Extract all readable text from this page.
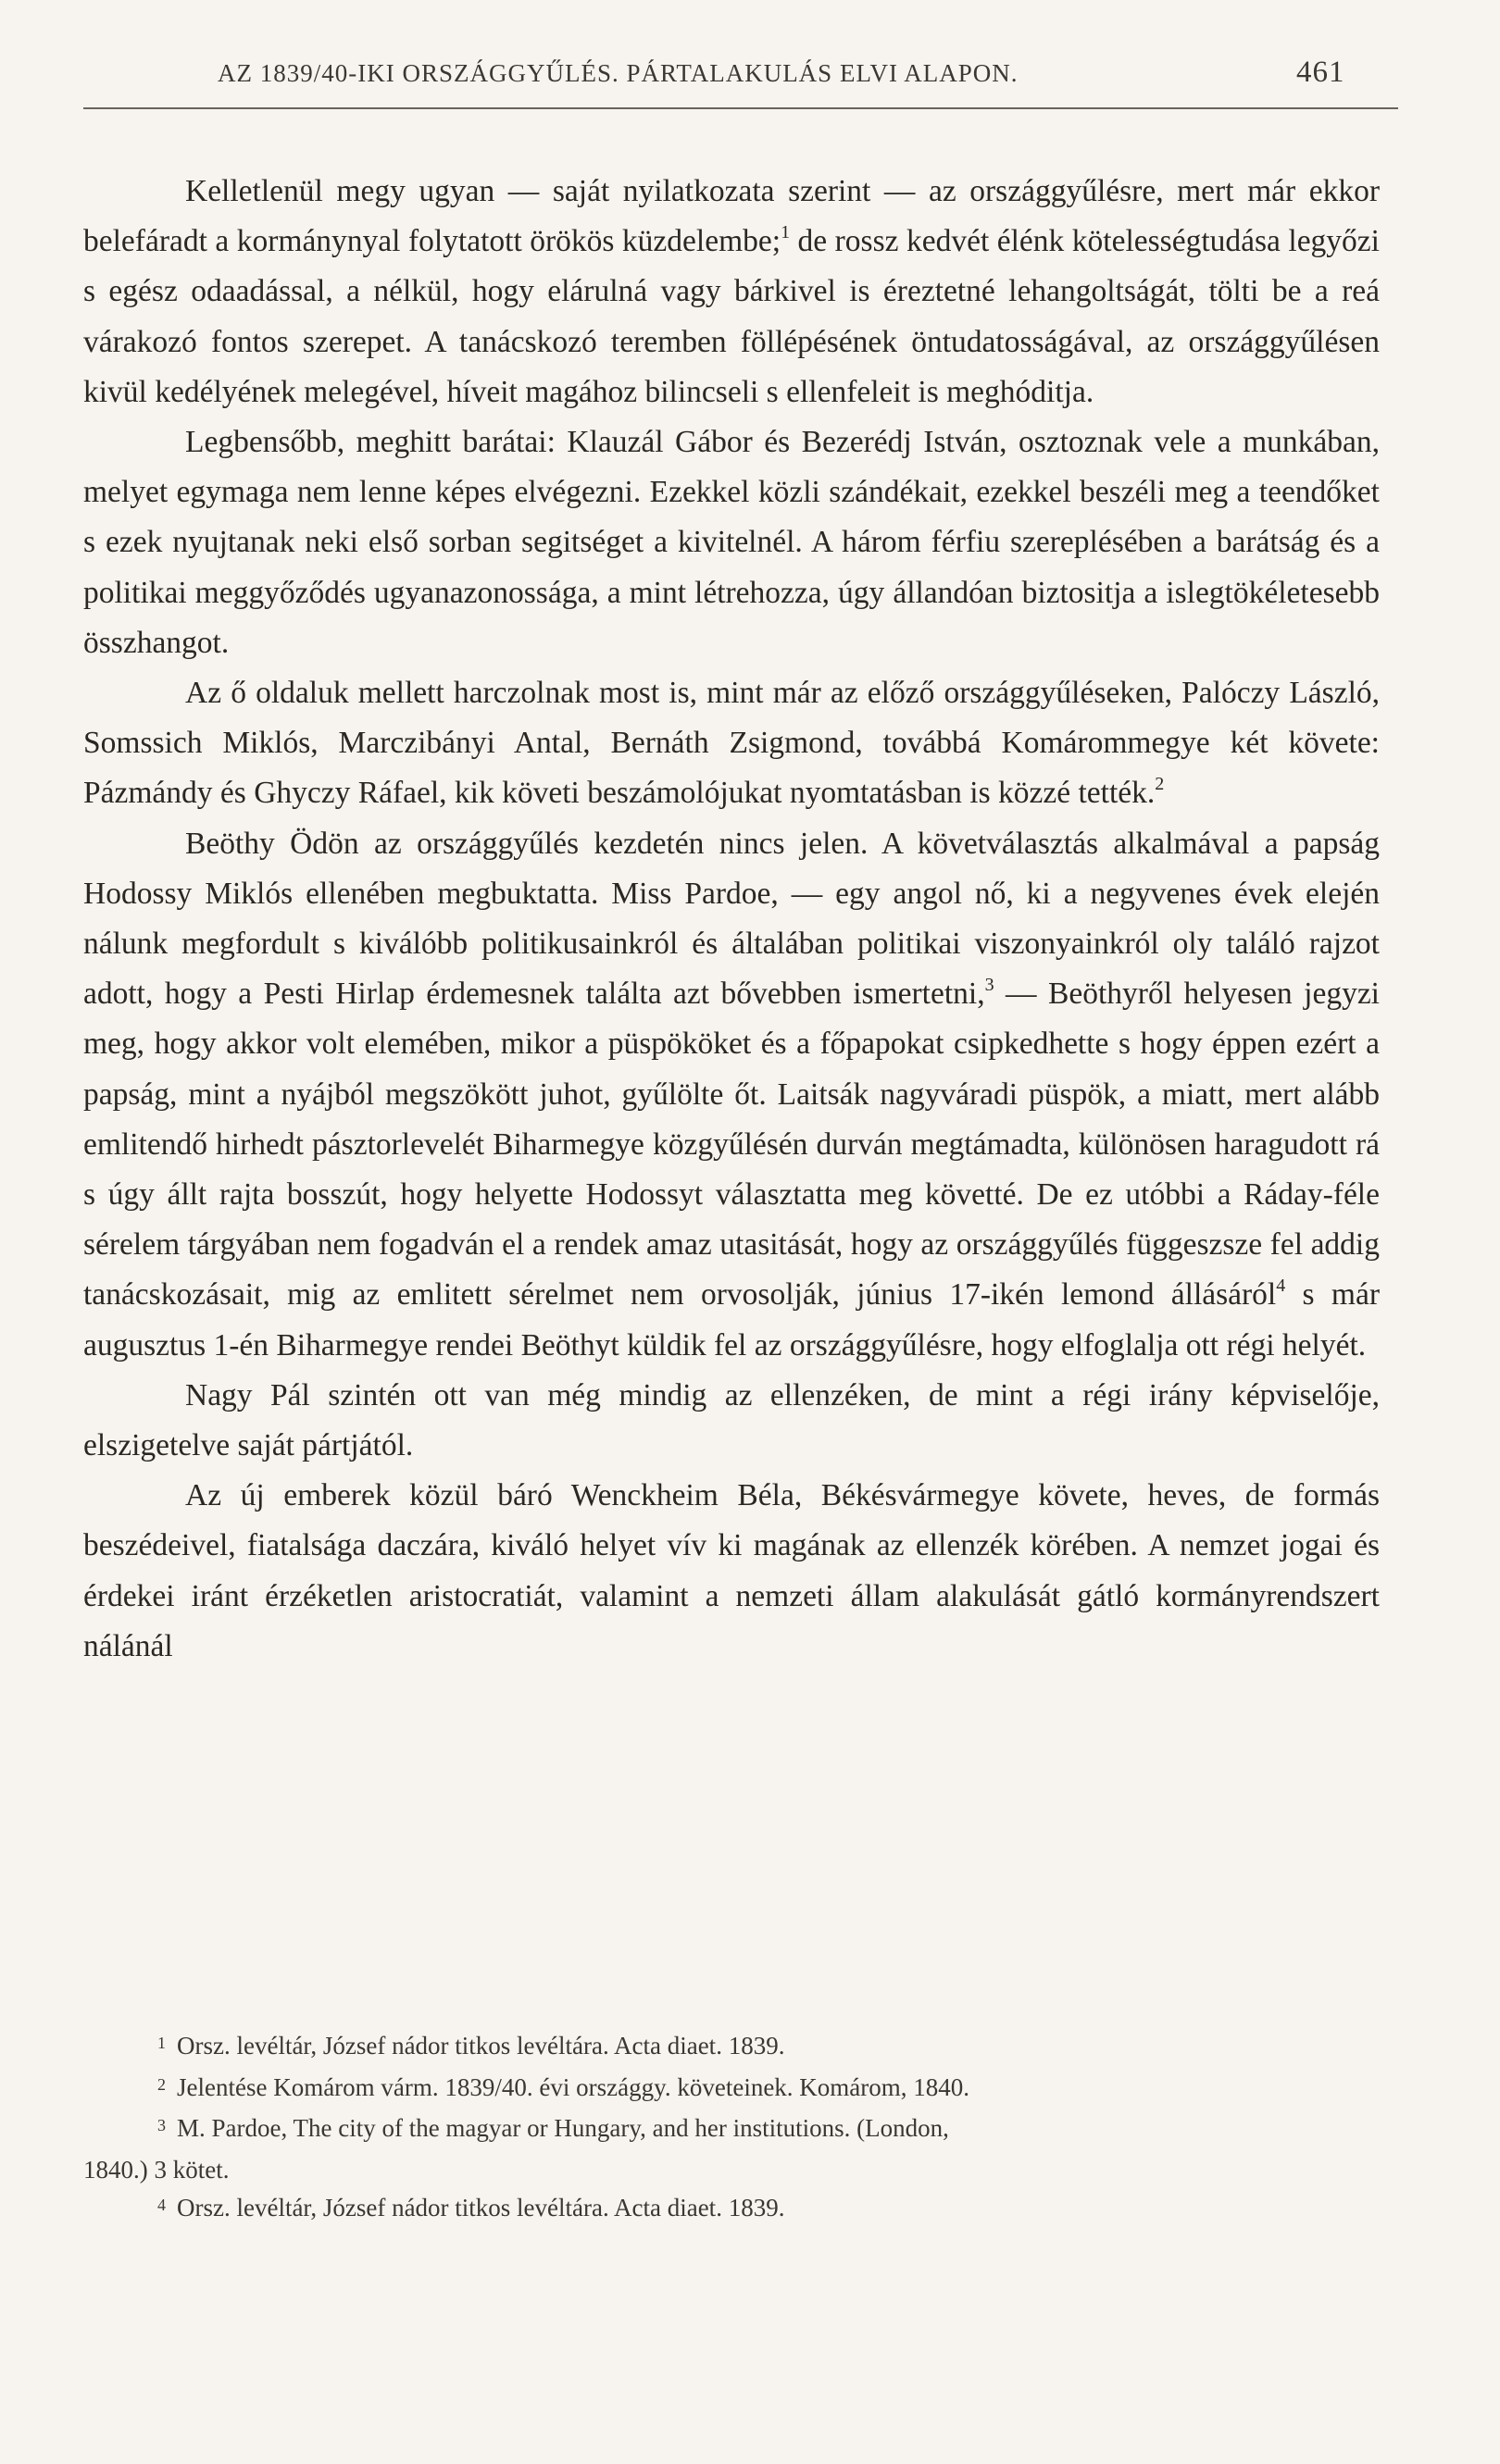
AZ 1839/40-IKI ORSZÁGGYŰLÉS. PÁRTALAKULÁS ELVI ALAPON.	461

Kelletlenül megy ugyan — saját nyilatkozata szerint — az országgyűlésre, mert már ekkor belefáradt a kormánynyal folytatott örökös küzdelembe;$^1$ de rossz kedvét élénk kötelességtudása legyőzi s egész odaadással, a nélkül, hogy elárulná vagy bárkivel is éreztetné lehangoltságát, tölti be a reá várakozó fontos szerepet. A tanácskozó teremben föllépésének öntudatosságával, az országgyűlésen kivül kedélyének melegével, híveit magához bilincseli s ellenfeleit is meghóditja.

Legbensőbb, meghitt barátai: Klauzál Gábor és Bezerédj István, osztoznak vele a munkában, melyet egymaga nem lenne képes elvégezni. Ezekkel közli szándékait, ezekkel beszéli meg a teendőket s ezek nyujtanak neki első sorban segitséget a kivitelnél. A három férfiu szereplésében a barátság és a politikai meggyőződés ugyanazonossága, a mint létrehozza, úgy állandóan biztositja a islegtökéletesebb összhangot.

Az ő oldaluk mellett harczolnak most is, mint már az előző országgyűléseken, Palóczy László, Somssich Miklós, Marczibányi Antal, Bernáth Zsigmond, továbbá Komárommegye két követe: Pázmándy és Ghyczy Ráfael, kik követi beszámolójukat nyomtatásban is közzé tették.$^2$

Beöthy Ödön az országgyűlés kezdetén nincs jelen. A követválasztás alkalmával a papság Hodossy Miklós ellenében megbuktatta. Miss Pardoe, — egy angol nő, ki a negyvenes évek elején nálunk megfordult s kiválóbb politikusainkról és általában politikai viszonyainkról oly találó rajzot adott, hogy a Pesti Hirlap érdemesnek találta azt bővebben ismertetni,$^3$ — Beöthyről helyesen jegyzi meg, hogy akkor volt elemében, mikor a püspököket és a főpapokat csipkedhette s hogy éppen ezért a papság, mint a nyájból megszökött juhot, gyűlölte őt. Laitsák nagyváradi püspök, a miatt, mert alább emlitendő hirhedt pásztorlevelét Biharmegye közgyűlésén durván megtámadta, különösen haragudott rá s úgy állt rajta bosszút, hogy helyette Hodossyt választatta meg követté. De ez utóbbi a Ráday-féle sérelem tárgyában nem fogadván el a rendek amaz utasitását, hogy az országgyűlés függeszsze fel addig tanácskozásait, mig az emlitett sérelmet nem orvosolják, június 17-ikén lemond állásáról$^4$ s már augusztus 1-én Biharmegye rendei Beöthyt küldik fel az országgyűlésre, hogy elfoglalja ott régi helyét.

Nagy Pál szintén ott van még mindig az ellenzéken, de mint a régi irány képviselője, elszigetelve saját pártjától.

Az új emberek közül báró Wenckheim Béla, Békésvármegye követe, heves, de formás beszédeivel, fiatalsága daczára, kiváló helyet vív ki magának az ellenzék körében. A nemzet jogai és érdekei iránt érzéketlen aristocratiát, valamint a nemzeti állam alakulását gátló kormányrendszert nálánál

$^1$ Orsz. levéltár, József nádor titkos levéltára. Acta diaet. 1839.

$^2$ Jelentése Komárom várm. 1839/40. évi országgy. követeinek. Komárom, 1840.

$^3$ M. Pardoe, The city of the magyar or Hungary, and her institutions. (London,

1840.) 3 kötet.

$^4$ Orsz. levéltár, József nádor titkos levéltára. Acta diaet. 1839.
